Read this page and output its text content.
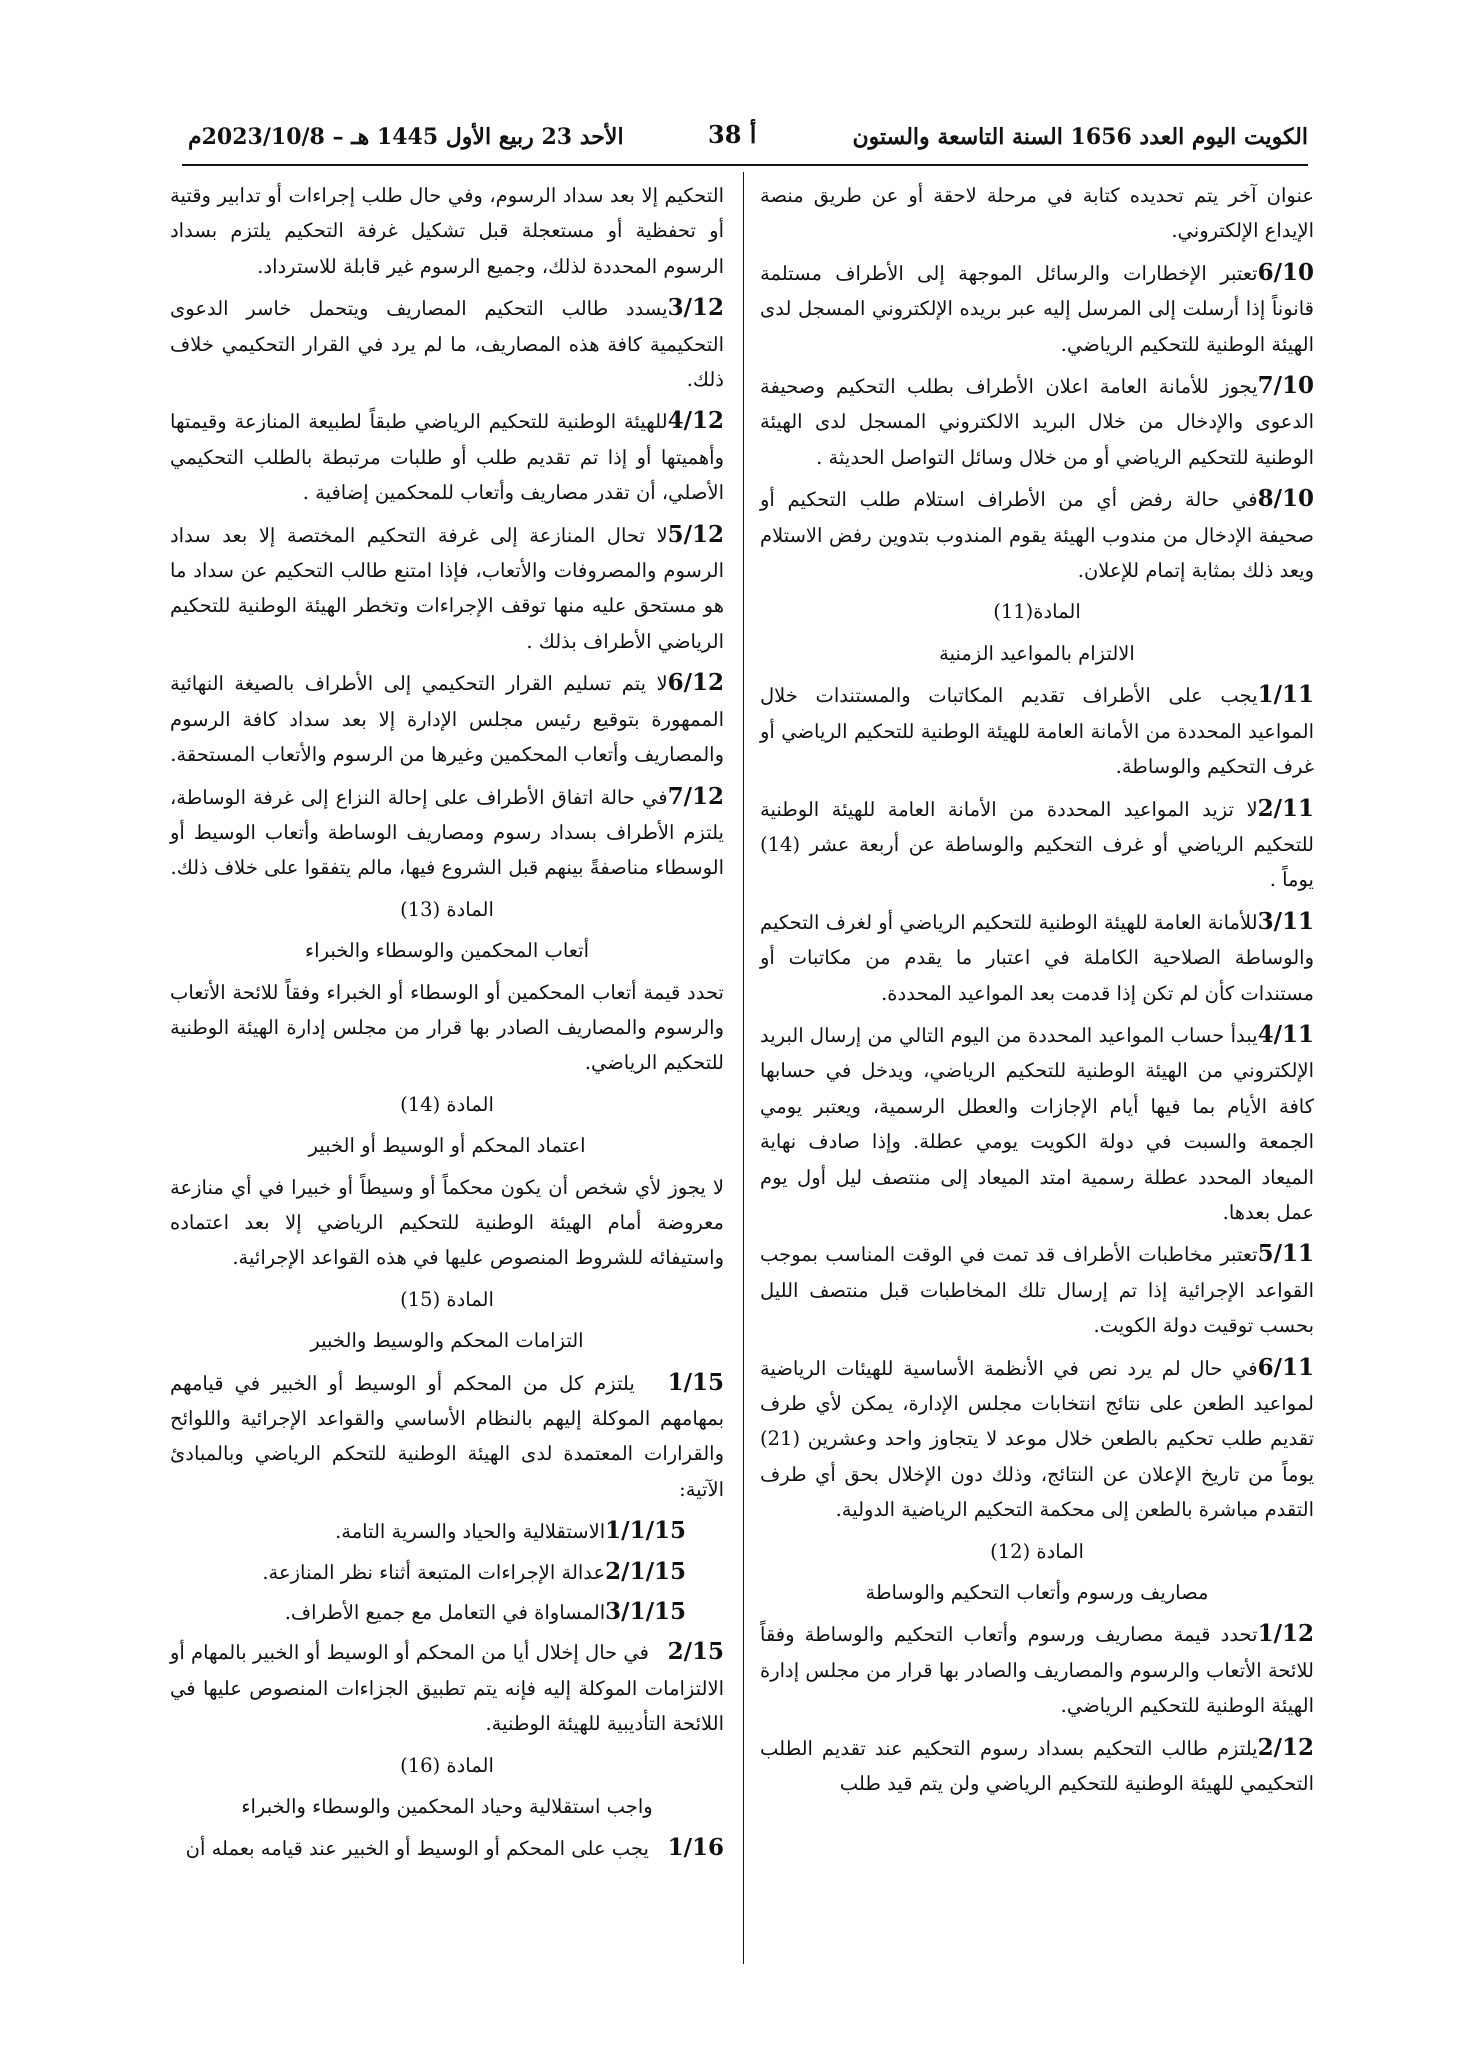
الكويت اليوم العدد 1656 السنة التاسعة والستون
أ 38
الأحد 23 ربيع الأول 1445 هـ – 2023/10/8م

عنوان آخر يتم تحديده كتابة في مرحلة لاحقة أو عن طريق منصة الإيداع الإلكتروني.

6/10تعتبر الإخطارات والرسائل الموجهة إلى الأطراف مستلمة قانوناً إذا أرسلت إلى المرسل إليه عبر بريده الإلكتروني المسجل لدى الهيئة الوطنية للتحكيم الرياضي.

7/10يجوز للأمانة العامة اعلان الأطراف بطلب التحكيم وصحيفة الدعوى والإدخال من خلال البريد الالكتروني المسجل لدى الهيئة الوطنية للتحكيم الرياضي أو من خلال وسائل التواصل الحديثة .

8/10في حالة رفض أي من الأطراف استلام طلب التحكيم أو صحيفة الإدخال من مندوب الهيئة يقوم المندوب بتدوين رفض الاستلام ويعد ذلك بمثابة إتمام للإعلان.

المادة(11)
الالتزام بالمواعيد الزمنية

1/11يجب على الأطراف تقديم المكاتبات والمستندات خلال المواعيد المحددة من الأمانة العامة للهيئة الوطنية للتحكيم الرياضي أو غرف التحكيم والوساطة.

2/11لا تزيد المواعيد المحددة من الأمانة العامة للهيئة الوطنية للتحكيم الرياضي أو غرف التحكيم والوساطة عن أربعة عشر (14) يوماً .

3/11للأمانة العامة للهيئة الوطنية للتحكيم الرياضي أو لغرف التحكيم والوساطة الصلاحية الكاملة في اعتبار ما يقدم من مكاتبات أو مستندات كأن لم تكن إذا قدمت بعد المواعيد المحددة.

4/11يبدأ حساب المواعيد المحددة من اليوم التالي من إرسال البريد الإلكتروني من الهيئة الوطنية للتحكيم الرياضي، ويدخل في حسابها كافة الأيام بما فيها أيام الإجازات والعطل الرسمية، ويعتبر يومي الجمعة والسبت في دولة الكويت يومي عطلة. وإذا صادف نهاية الميعاد المحدد عطلة رسمية امتد الميعاد إلى منتصف ليل أول يوم عمل بعدها.

5/11تعتبر مخاطبات الأطراف قد تمت في الوقت المناسب بموجب القواعد الإجرائية إذا تم إرسال تلك المخاطبات قبل منتصف الليل بحسب توقيت دولة الكويت.

6/11في حال لم يرد نص في الأنظمة الأساسية للهيئات الرياضية لمواعيد الطعن على نتائج انتخابات مجلس الإدارة، يمكن لأي طرف تقديم طلب تحكيم بالطعن خلال موعد لا يتجاوز واحد وعشرين (21) يوماً من تاريخ الإعلان عن النتائج، وذلك دون الإخلال بحق أي طرف التقدم مباشرة بالطعن إلى محكمة التحكيم الرياضية الدولية.

المادة (12)
مصاريف ورسوم وأتعاب التحكيم والوساطة

1/12تحدد قيمة مصاريف ورسوم وأتعاب التحكيم والوساطة وفقاً للائحة الأتعاب والرسوم والمصاريف والصادر بها قرار من مجلس إدارة الهيئة الوطنية للتحكيم الرياضي.

2/12يلتزم طالب التحكيم بسداد رسوم التحكيم عند تقديم الطلب التحكيمي للهيئة الوطنية للتحكيم الرياضي ولن يتم قيد طلب

التحكيم إلا بعد سداد الرسوم، وفي حال طلب إجراءات أو تدابير وقتية أو تحفظية أو مستعجلة قبل تشكيل غرفة التحكيم يلتزم بسداد الرسوم المحددة لذلك، وجميع الرسوم غير قابلة للاسترداد.

3/12يسدد طالب التحكيم المصاريف ويتحمل خاسر الدعوى التحكيمية كافة هذه المصاريف، ما لم يرد في القرار التحكيمي خلاف ذلك.

4/12للهيئة الوطنية للتحكيم الرياضي طبقاً لطبيعة المنازعة وقيمتها وأهميتها أو إذا تم تقديم طلب أو طلبات مرتبطة بالطلب التحكيمي الأصلي، أن تقدر مصاريف وأتعاب للمحكمين إضافية .

5/12لا تحال المنازعة إلى غرفة التحكيم المختصة إلا بعد سداد الرسوم والمصروفات والأتعاب، فإذا امتنع طالب التحكيم عن سداد ما هو مستحق عليه منها توقف الإجراءات وتخطر الهيئة الوطنية للتحكيم الرياضي الأطراف بذلك .

6/12لا يتم تسليم القرار التحكيمي إلى الأطراف بالصيغة النهائية الممهورة بتوقيع رئيس مجلس الإدارة إلا بعد سداد كافة الرسوم والمصاريف وأتعاب المحكمين وغيرها من الرسوم والأتعاب المستحقة.

7/12في حالة اتفاق الأطراف على إحالة النزاع إلى غرفة الوساطة، يلتزم الأطراف بسداد رسوم ومصاريف الوساطة وأتعاب الوسيط أو الوسطاء مناصفةً بينهم قبل الشروع فيها، مالم يتفقوا على خلاف ذلك.

المادة (13)
أتعاب المحكمين والوسطاء والخبراء

تحدد قيمة أتعاب المحكمين أو الوسطاء أو الخبراء وفقاً للائحة الأتعاب والرسوم والمصاريف الصادر بها قرار من مجلس إدارة الهيئة الوطنية للتحكيم الرياضي.

المادة (14)
اعتماد المحكم أو الوسيط أو الخبير

لا يجوز لأي شخص أن يكون محكماً أو وسيطاً أو خبيرا في أي منازعة معروضة أمام الهيئة الوطنية للتحكيم الرياضي إلا بعد اعتماده واستيفائه للشروط المنصوص عليها في هذه القواعد الإجرائية.

المادة (15)
التزامات المحكم والوسيط والخبير

1/15   يلتزم كل من المحكم أو الوسيط أو الخبير في قيامهم بمهامهم الموكلة إليهم بالنظام الأساسي والقواعد الإجرائية واللوائح والقرارات المعتمدة لدى الهيئة الوطنية للتحكم الرياضي وبالمبادئ الآتية:

1/1/15الاستقلالية والحياد والسرية التامة.

2/1/15عدالة الإجراءات المتبعة أثناء نظر المنازعة.

3/1/15المساواة في التعامل مع جميع الأطراف.

2/15   في حال إخلال أيا من المحكم أو الوسيط أو الخبير بالمهام أو الالتزامات الموكلة إليه فإنه يتم تطبيق الجزاءات المنصوص عليها في اللائحة التأديبية للهيئة الوطنية.

المادة (16)
واجب استقلالية وحياد المحكمين والوسطاء والخبراء

1/16   يجب على المحكم أو الوسيط أو الخبير عند قيامه بعمله أن
